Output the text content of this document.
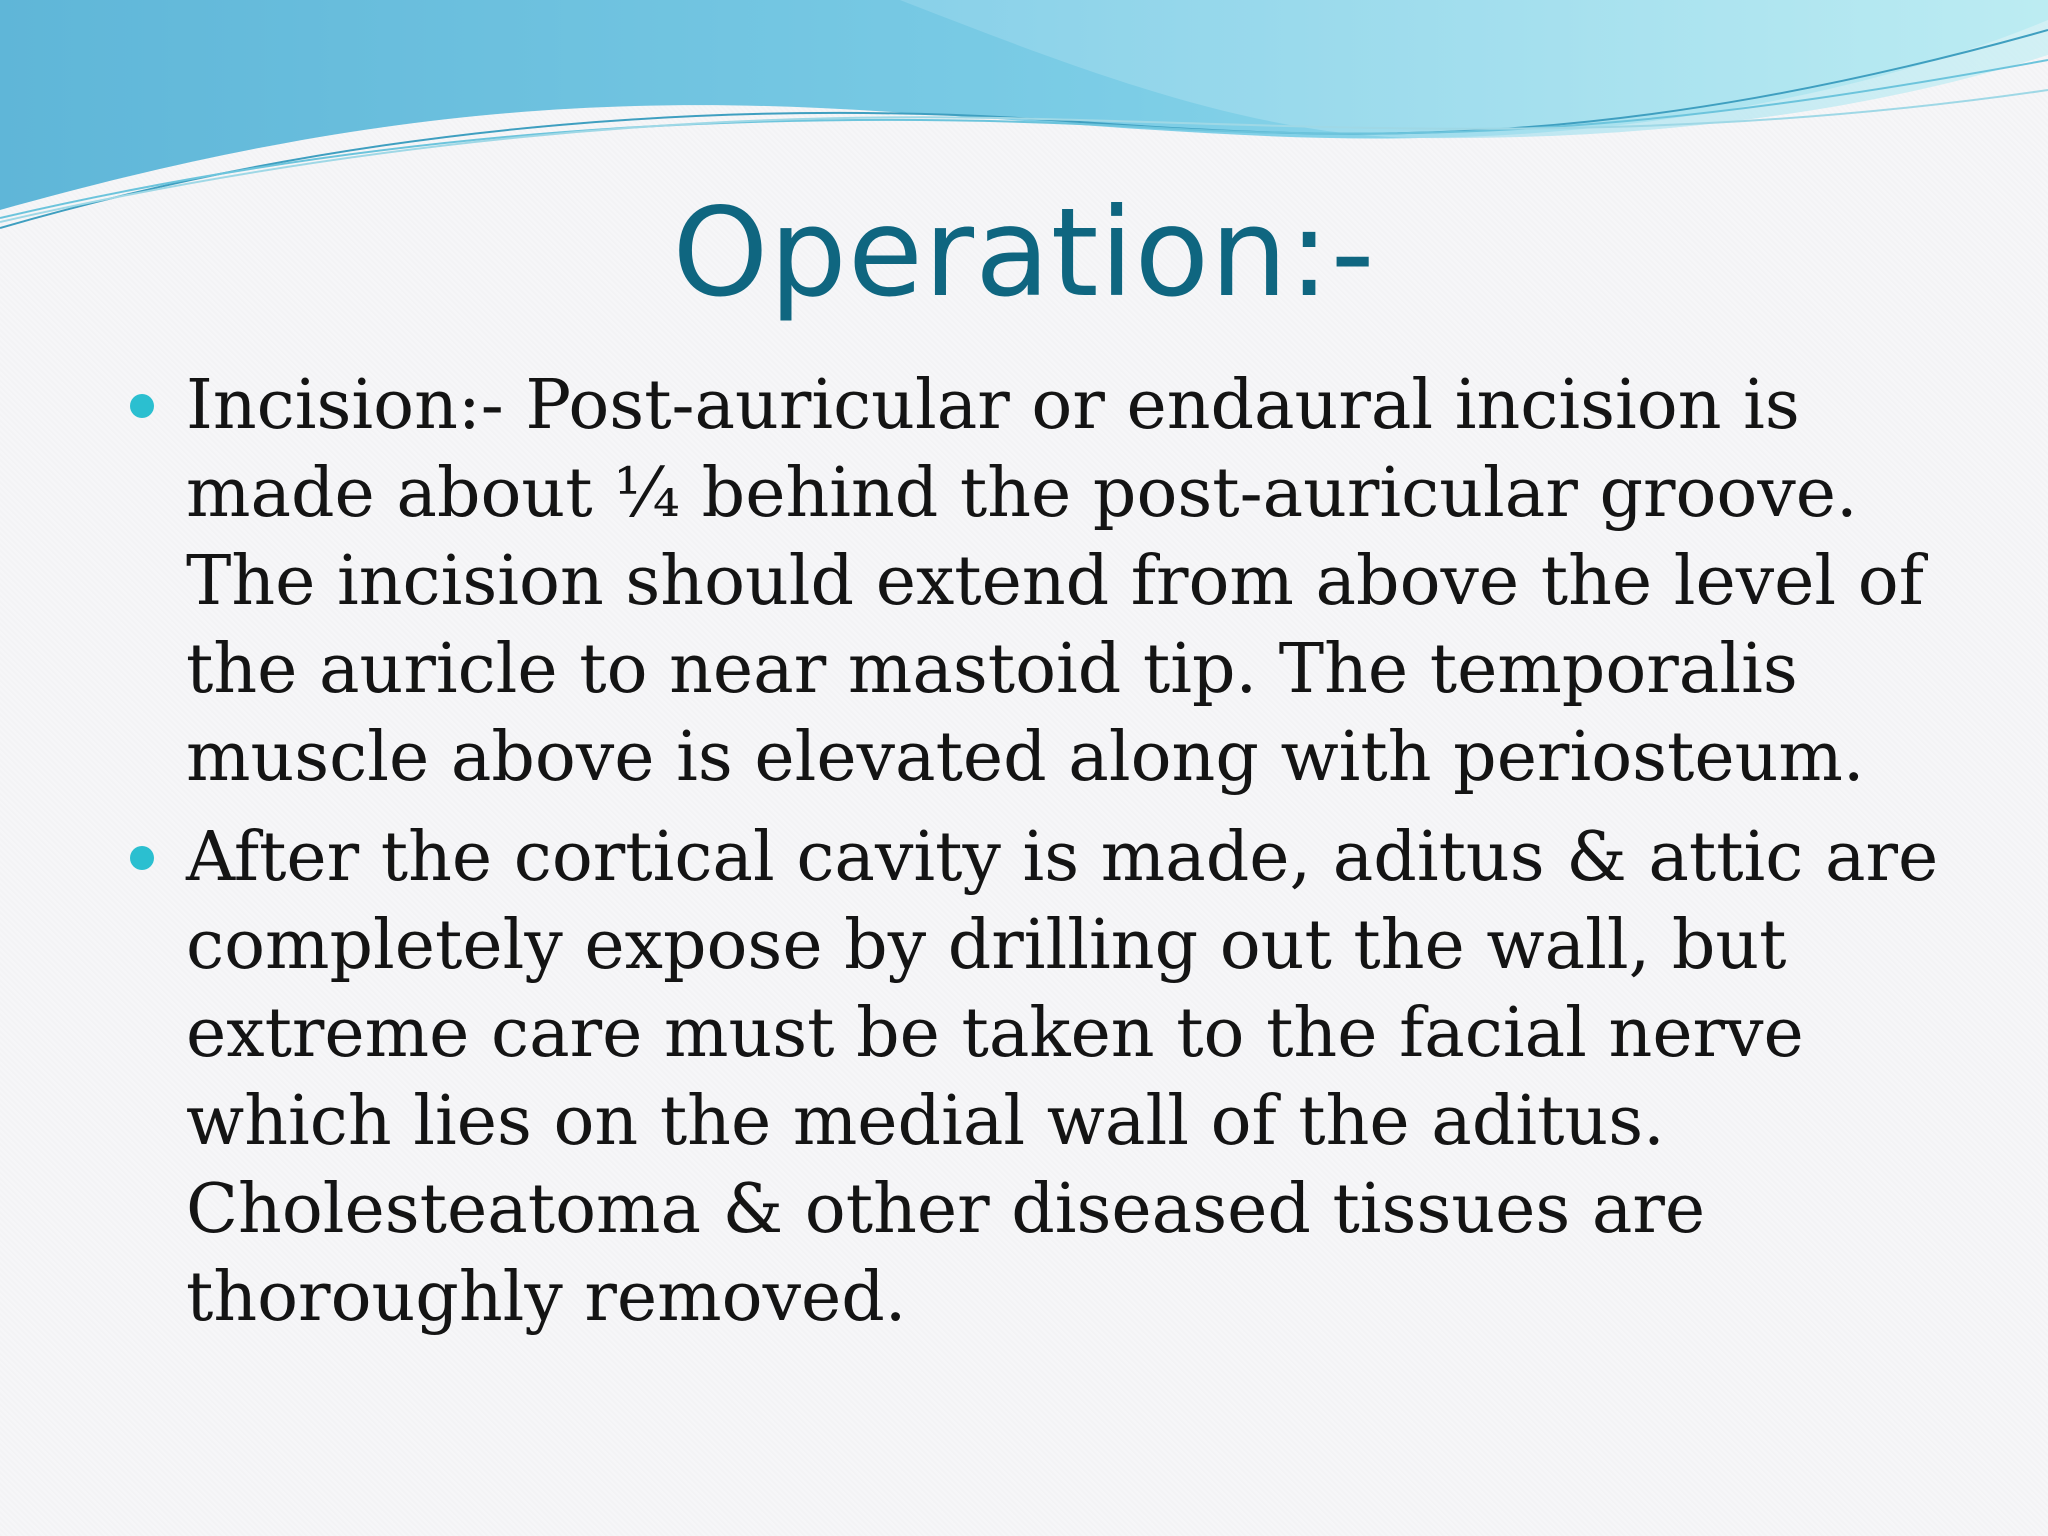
Operation:-
Incision:- Post-auricular or endaural incision is made about ¼ behind the post-auricular groove. The incision should extend from above the level of the auricle to near mastoid tip. The temporalis muscle above is elevated along with periosteum.
After the cortical cavity is made, aditus & attic are completely expose by drilling out the wall, but extreme care must be taken to the facial nerve which lies on the medial wall of the aditus. Cholesteatoma & other diseased tissues are thoroughly removed.
